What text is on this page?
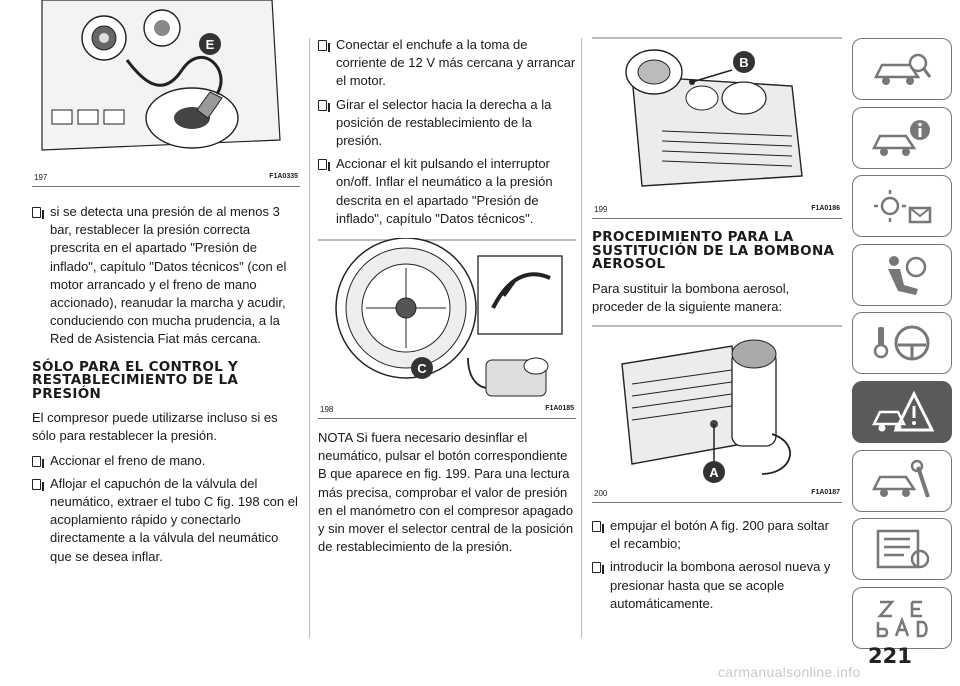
E
197	F1A0335
si se detecta una presión de al menos 3 bar, restablecer la presión correcta prescrita en el apartado "Presión de inflado", capítulo "Datos técnicos" (con el motor arrancado y el freno de mano accionado), reanudar la marcha y acudir, conduciendo con mucha prudencia, a la Red de Asistencia Fiat más cercana.
SÓLO PARA EL CONTROL Y RESTABLECIMIENTO DE LA PRESIÓN

El compresor puede utilizarse incluso si es sólo para restablecer la presión.

Accionar el freno de mano.
Aflojar el capuchón de la válvula del neumático, extraer el tubo C fig. 198 con el acoplamiento rápido y conectarlo directamente a la válvula del neumático que se desea inflar.
Conectar el enchufe a la toma de corriente de 12 V más cercana y arrancar el motor.
Girar el selector hacia la derecha a la posición de restablecimiento de la presión.
Accionar el kit pulsando el interruptor on/off. Inflar el neumático a la presión descrita en el apartado "Presión de inflado", capítulo "Datos técnicos".
C
198	F1A0185

NOTA Si fuera necesario desinflar el neumático, pulsar el botón correspondiente B que aparece en fig. 199. Para una lectura más precisa, comprobar el valor de presión en el manómetro con el compresor apagado y sin mover el selector central de la posición de restablecimiento de la presión.

B
199	F1A0186
PROCEDIMIENTO PARA LA SUSTITUCIÓN DE LA BOMBONA AEROSOL

Para sustituir la bombona aerosol, proceder de la siguiente manera:

A
200	F1A0187
empujar el botón A fig. 200 para soltar el recambio;
introducir la bombona aerosol nueva y presionar hasta que se acople automáticamente.
221
carmanualsonline.info
